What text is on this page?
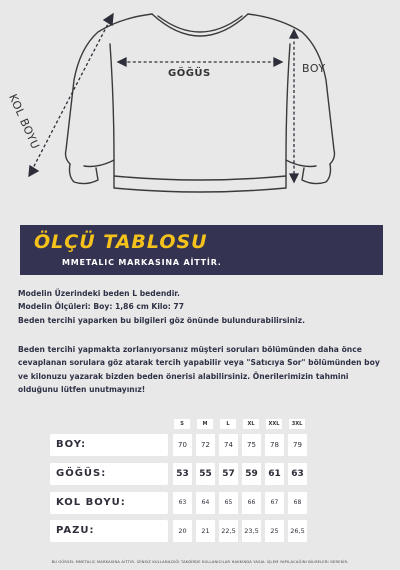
GÖĞÜS	BOY
KOL BOYU
ÖLÇÜ TABLOSU
MMETALIC MARKASINA AİTTİR.
Modelin Üzerindeki beden L bedendir.
Modelin Ölçüleri: Boy: 1,86 cm Kilo: 77
Beden tercihi yaparken bu bilgileri göz önünde bulundurabilirsiniz.
Beden tercihi yapmakta zorlanıyorsanız müşteri soruları bölümünden daha önce cevaplanan sorulara göz atarak tercih yapabilir veya "Satıcıya Sor" bölümünden boy ve kilonuzu yazarak bizden beden önerisi alabilirsiniz. Önerilerimizin tahmini olduğunu lütfen unutmayınız!
S	M	L	XL	XXL	3XL
BOY:	70	72	74	75	78	79
GÖĞÜS:	53	55	57	59	61	63
KOL BOYU:	63	64	65	66	67	68
PAZU:	20	21	22,5	23,5	25	26,5
BU GÖRSEL MMETALIC MARKASINA AİTTİR. İZİNSİZ KULLANILDIĞI TAKDİRDE KULLANICILAR HAKKINDA YASAL İŞLEM YAPILACAĞINI BİLMELERİ GEREKİR.
